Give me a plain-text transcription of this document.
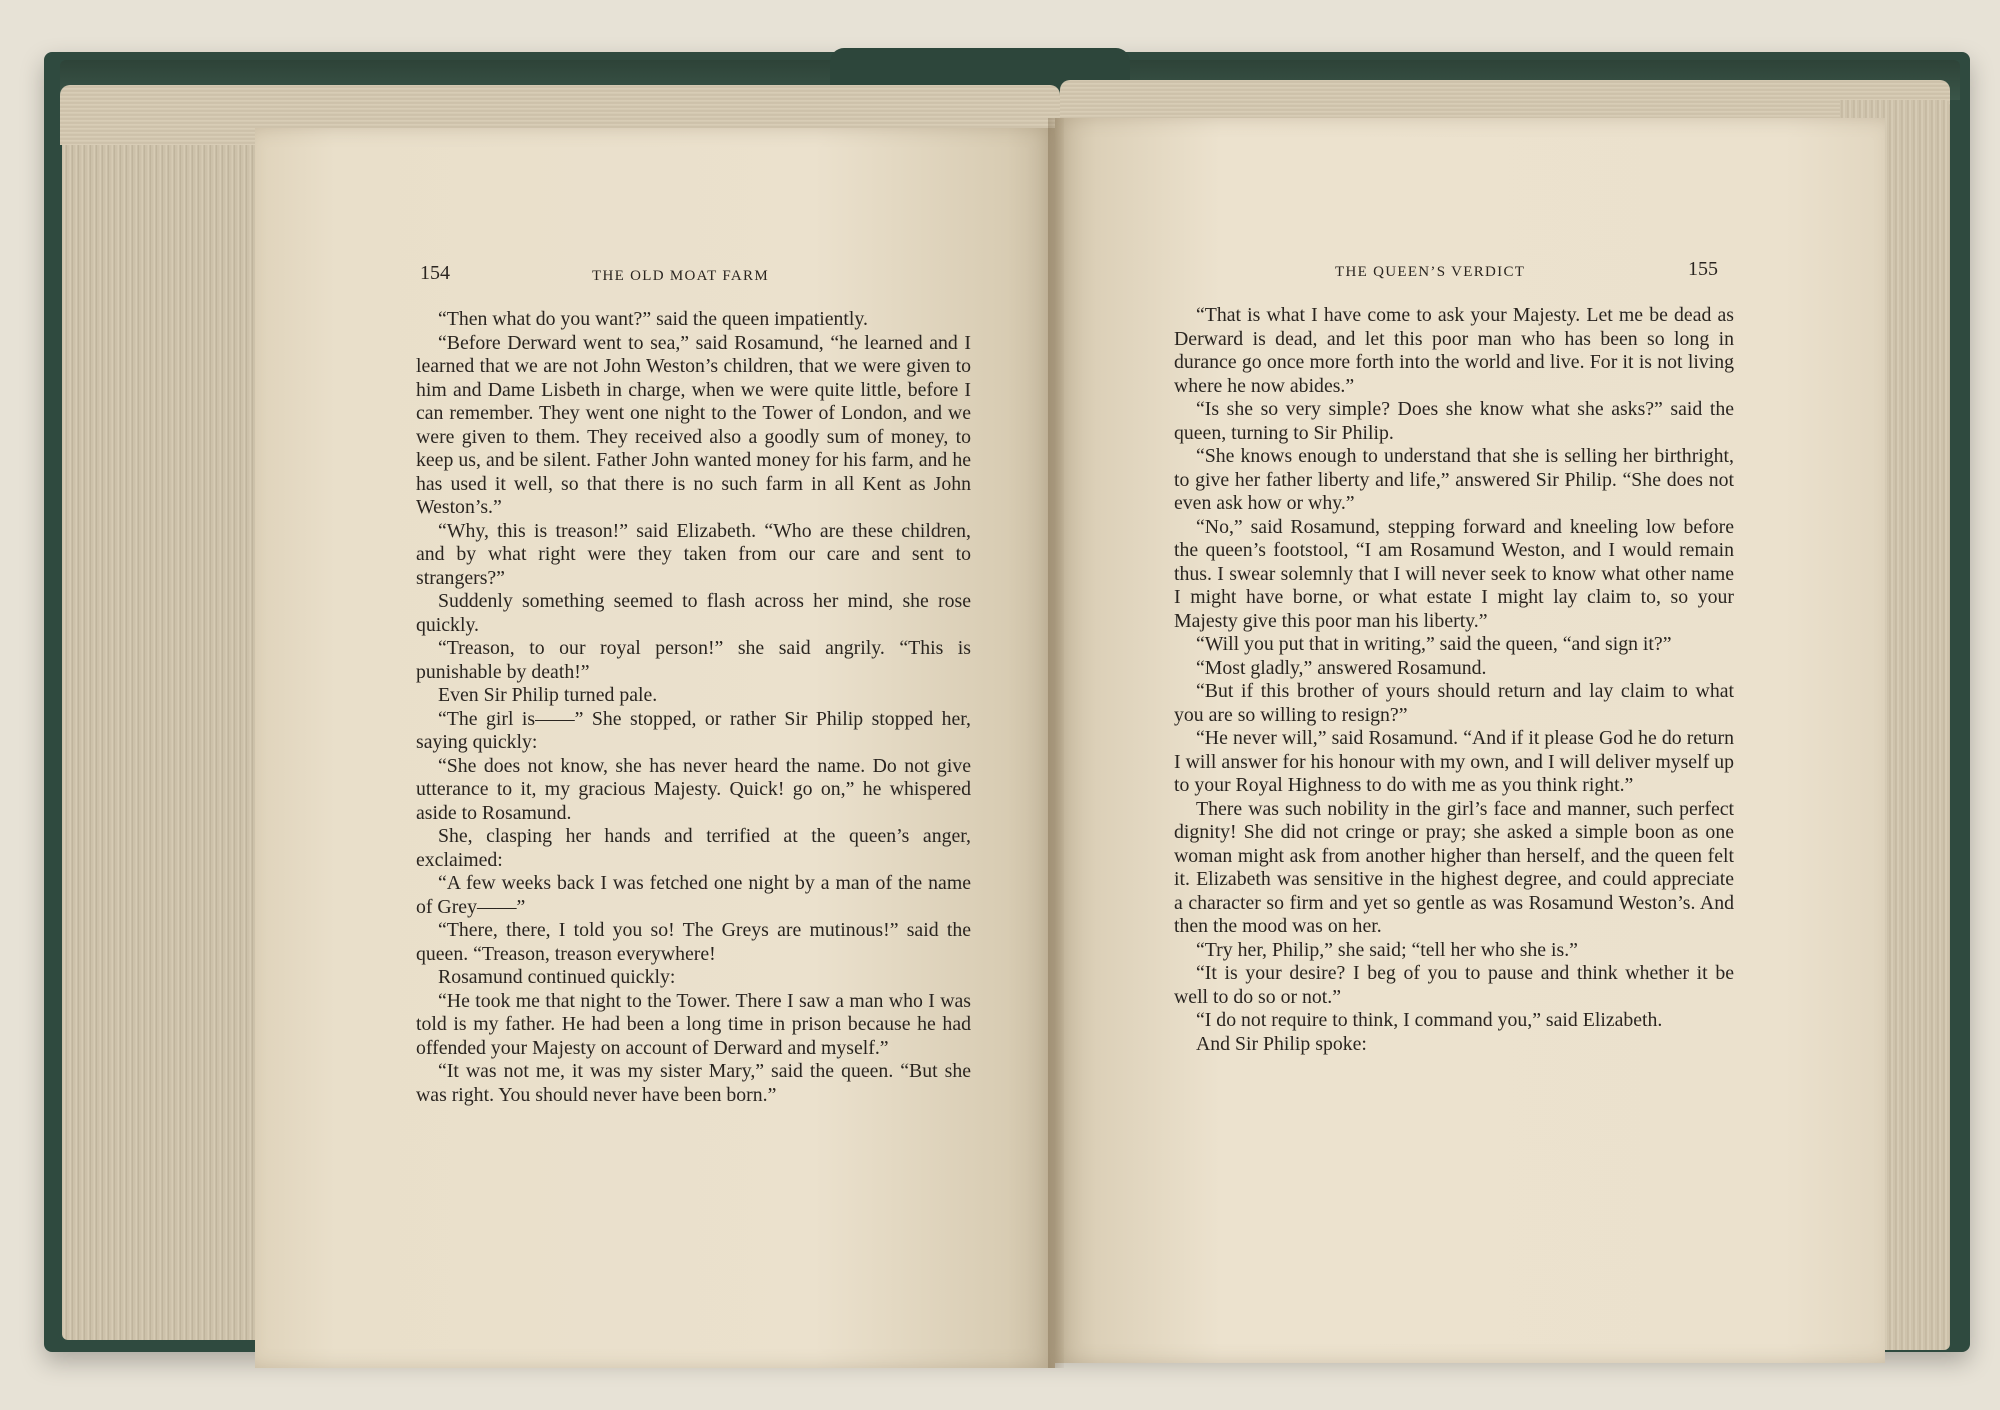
154	THE OLD MOAT FARM

“Then what do you want?” said the queen impatiently.

“Before Derward went to sea,” said Rosamund, “he learned and I learned that we are not John Weston’s children, that we were given to him and Dame Lisbeth in charge, when we were quite little, before I can remember. They went one night to the Tower of London, and we were given to them. They received also a goodly sum of money, to keep us, and be silent. Father John wanted money for his farm, and he has used it well, so that there is no such farm in all Kent as John Weston’s.”

“Why, this is treason!” said Elizabeth. “Who are these children, and by what right were they taken from our care and sent to strangers?”

Suddenly something seemed to flash across her mind, she rose quickly.

“Treason, to our royal person!” she said angrily. “This is punishable by death!”

Even Sir Philip turned pale.

“The girl is——” She stopped, or rather Sir Philip stopped her, saying quickly:

“She does not know, she has never heard the name. Do not give utterance to it, my gracious Majesty. Quick! go on,” he whispered aside to Rosamund.

She, clasping her hands and terrified at the queen’s anger, exclaimed:

“A few weeks back I was fetched one night by a man of the name of Grey——”

“There, there, I told you so! The Greys are mutinous!” said the queen. “Treason, treason everywhere!

Rosamund continued quickly:

“He took me that night to the Tower. There I saw a man who I was told is my father. He had been a long time in prison because he had offended your Majesty on account of Derward and myself.”

“It was not me, it was my sister Mary,” said the queen. “But she was right. You should never have been born.”

THE QUEEN’S VERDICT	155

“That is what I have come to ask your Majesty. Let me be dead as Derward is dead, and let this poor man who has been so long in durance go once more forth into the world and live. For it is not living where he now abides.”

“Is she so very simple? Does she know what she asks?” said the queen, turning to Sir Philip.

“She knows enough to understand that she is selling her birthright, to give her father liberty and life,” answered Sir Philip. “She does not even ask how or why.”

“No,” said Rosamund, stepping forward and kneeling low before the queen’s footstool, “I am Rosamund Weston, and I would remain thus. I swear solemnly that I will never seek to know what other name I might have borne, or what estate I might lay claim to, so your Majesty give this poor man his liberty.”

“Will you put that in writing,” said the queen, “and sign it?”

“Most gladly,” answered Rosamund.

“But if this brother of yours should return and lay claim to what you are so willing to resign?”

“He never will,” said Rosamund. “And if it please God he do return I will answer for his honour with my own, and I will deliver myself up to your Royal Highness to do with me as you think right.”

There was such nobility in the girl’s face and manner, such perfect dignity! She did not cringe or pray; she asked a simple boon as one woman might ask from another higher than herself, and the queen felt it. Elizabeth was sensitive in the highest degree, and could appreciate a character so firm and yet so gentle as was Rosamund Weston’s. And then the mood was on her.

“Try her, Philip,” she said; “tell her who she is.”

“It is your desire? I beg of you to pause and think whether it be well to do so or not.”

“I do not require to think, I command you,” said Elizabeth.

And Sir Philip spoke:
